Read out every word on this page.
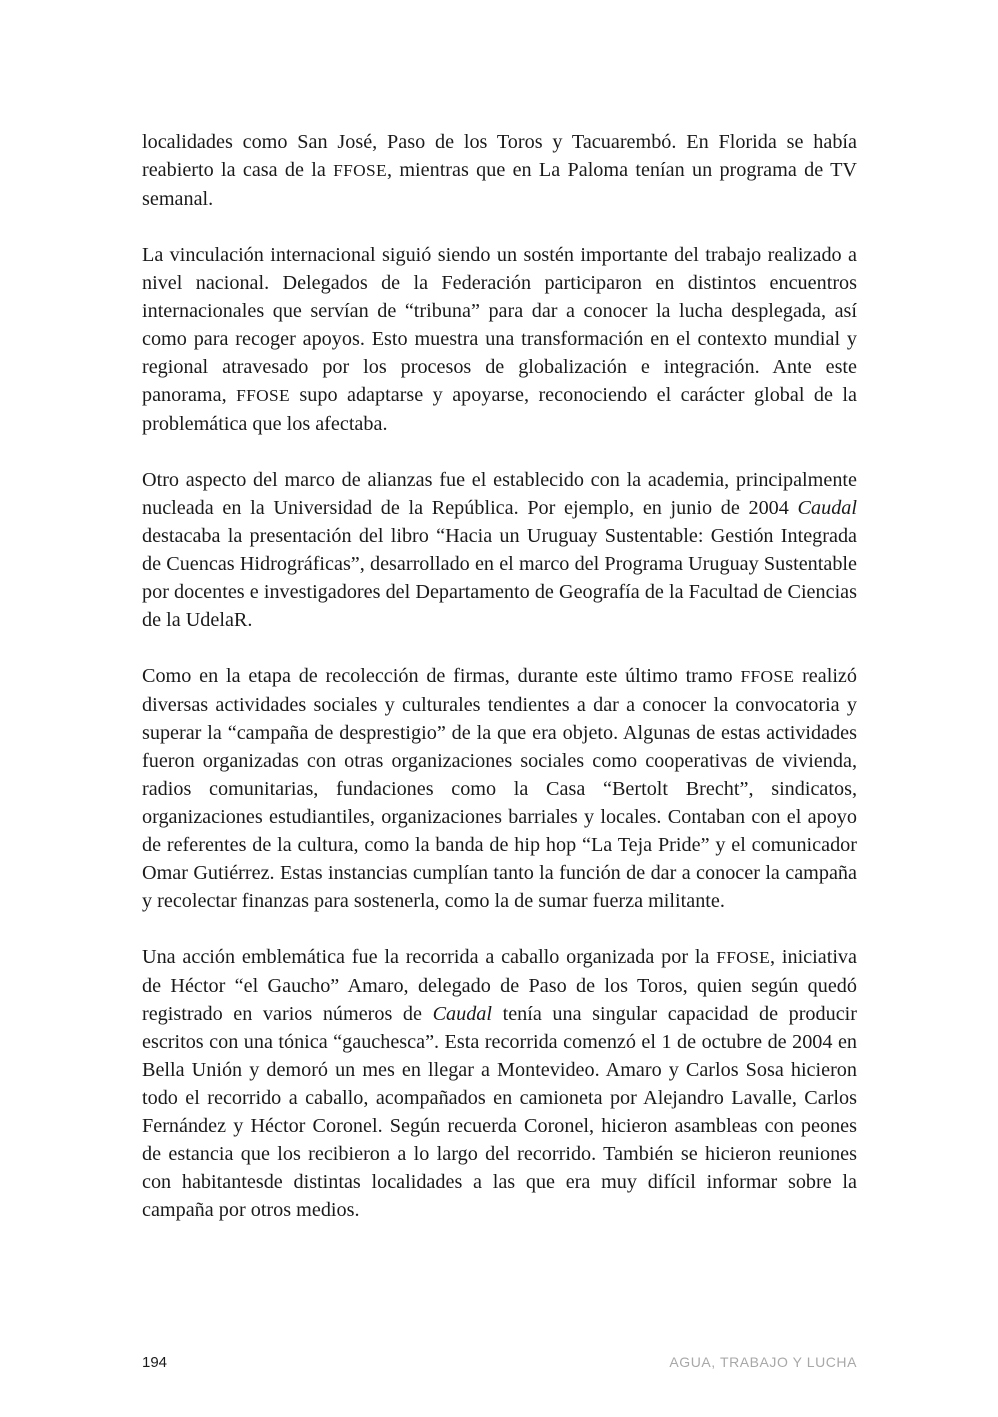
localidades como San José, Paso de los Toros y Tacuarembó. En Florida se había reabierto la casa de la FFOSE, mientras que en La Paloma tenían un programa de TV semanal.

La vinculación internacional siguió siendo un sostén importante del trabajo realizado a nivel nacional. Delegados de la Federación participaron en distintos encuentros internacionales que servían de “tribuna” para dar a conocer la lucha desplegada, así como para recoger apoyos. Esto muestra una transformación en el contexto mundial y regional atravesado por los procesos de globalización e integración. Ante este panorama, FFOSE supo adaptarse y apoyarse, reconociendo el carácter global de la problemática que los afectaba.

Otro aspecto del marco de alianzas fue el establecido con la academia, principalmente nucleada en la Universidad de la República. Por ejemplo, en junio de 2004 Caudal destacaba la presentación del libro “Hacia un Uruguay Sustentable: Gestión Integrada de Cuencas Hidrográficas”, desarrollado en el marco del Programa Uruguay Sustentable por docentes e investigadores del Departamento de Geografía de la Facultad de Ciencias de la UdelaR.

Como en la etapa de recolección de firmas, durante este último tramo FFOSE realizó diversas actividades sociales y culturales tendientes a dar a conocer la convocatoria y superar la “campaña de desprestigio” de la que era objeto. Algunas de estas actividades fueron organizadas con otras organizaciones sociales como cooperativas de vivienda, radios comunitarias, fundaciones como la Casa “Bertolt Brecht”, sindicatos, organizaciones estudiantiles, organizaciones barriales y locales. Contaban con el apoyo de referentes de la cultura, como la banda de hip hop “La Teja Pride” y el comunicador Omar Gutiérrez. Estas instancias cumplían tanto la función de dar a conocer la campaña y recolectar finanzas para sostenerla, como la de sumar fuerza militante.

Una acción emblemática fue la recorrida a caballo organizada por la FFOSE, iniciativa de Héctor “el Gaucho” Amaro, delegado de Paso de los Toros, quien según quedó registrado en varios números de Caudal tenía una singular capacidad de producir escritos con una tónica “gauchesca”. Esta recorrida comenzó el 1 de octubre de 2004 en Bella Unión y demoró un mes en llegar a Montevideo. Amaro y Carlos Sosa hicieron todo el recorrido a caballo, acompañados en camioneta por Alejandro Lavalle, Carlos Fernández y Héctor Coronel. Según recuerda Coronel, hicieron asambleas con peones de estancia que los recibieron a lo largo del recorrido. También se hicieron reuniones con habitantesde distintas localidades a las que era muy difícil informar sobre la campaña por otros medios.

194	AGUA, TRABAJO Y LUCHA
